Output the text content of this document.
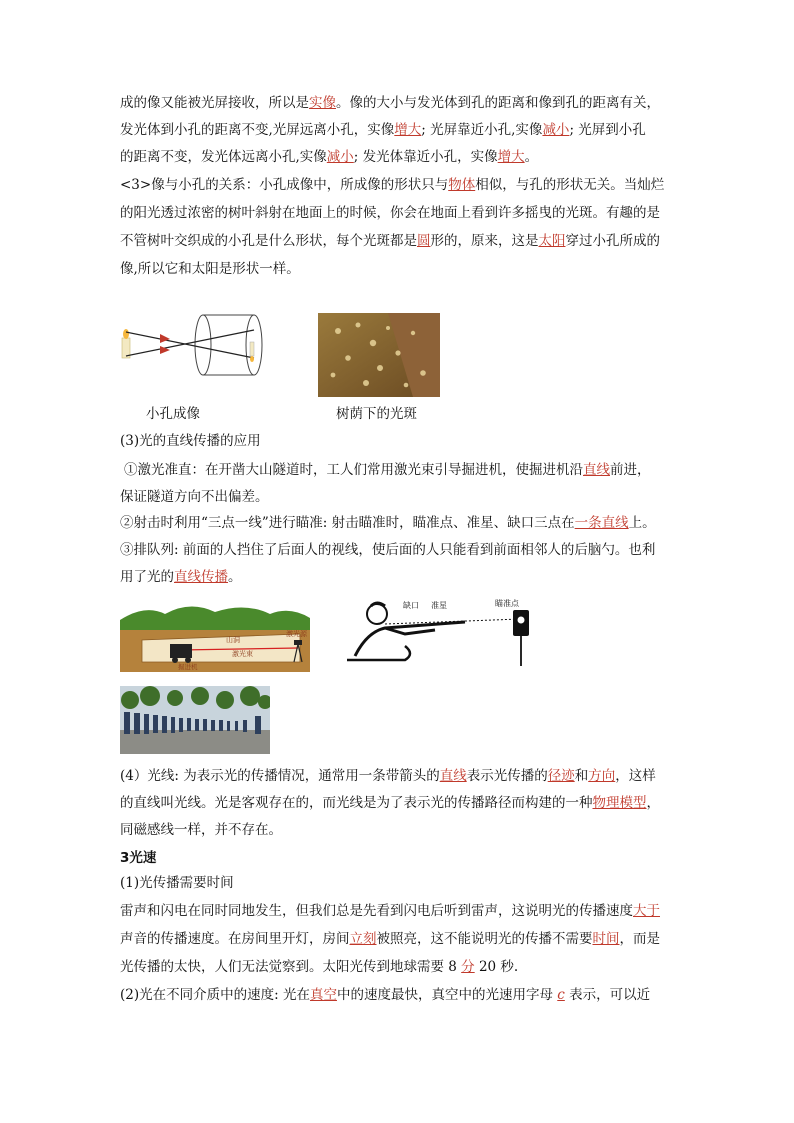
成的像又能被光屏接收，所以是实像。像的大小与发光体到孔的距离和像到孔的距离有关，
发光体到小孔的距离不变,光屏远离小孔，实像增大; 光屏靠近小孔,实像减小; 光屏到小孔
的距离不变，发光体远离小孔,实像减小; 发光体靠近小孔，实像增大。
<3>像与小孔的关系：小孔成像中，所成像的形状只与物体相似，与孔的形状无关。当灿烂
的阳光透过浓密的树叶斜射在地面上的时候，你会在地面上看到许多摇曳的光斑。有趣的是
不管树叶交织成的小孔是什么形状，每个光斑都是圆形的，原来，这是太阳穿过小孔所成的
像,所以它和太阳是形状一样。
小孔成像	树荫下的光斑
(3)光的直线传播的应用
①激光准直：在开凿大山隧道时，工人们常用激光束引导掘进机，使掘进机沿直线前进，
保证隧道方向不出偏差。
②射击时利用“三点一线”进行瞄准: 射击瞄准时，瞄准点、准星、缺口三点在一条直线上。
③排队列: 前面的人挡住了后面人的视线，使后面的人只能看到前面相邻人的后脑勺。也利
用了光的直线传播。
山洞
激光源
激光束
掘进机
缺口 准星	瞄准点
(4）光线: 为表示光的传播情况，通常用一条带箭头的直线表示光传播的径迹和方向，这样
的直线叫光线。光是客观存在的，而光线是为了表示光的传播路径而构建的一种物理模型，
同磁感线一样，并不存在。
3光速
(1)光传播需要时间
雷声和闪电在同时同地发生，但我们总是先看到闪电后听到雷声，这说明光的传播速度大于
声音的传播速度。在房间里开灯，房间立刻被照亮，这不能说明光的传播不需要时间，而是
光传播的太快，人们无法觉察到。太阳光传到地球需要 8 分 20 秒.
(2)光在不同介质中的速度: 光在真空中的速度最快，真空中的光速用字母 c 表示，可以近
